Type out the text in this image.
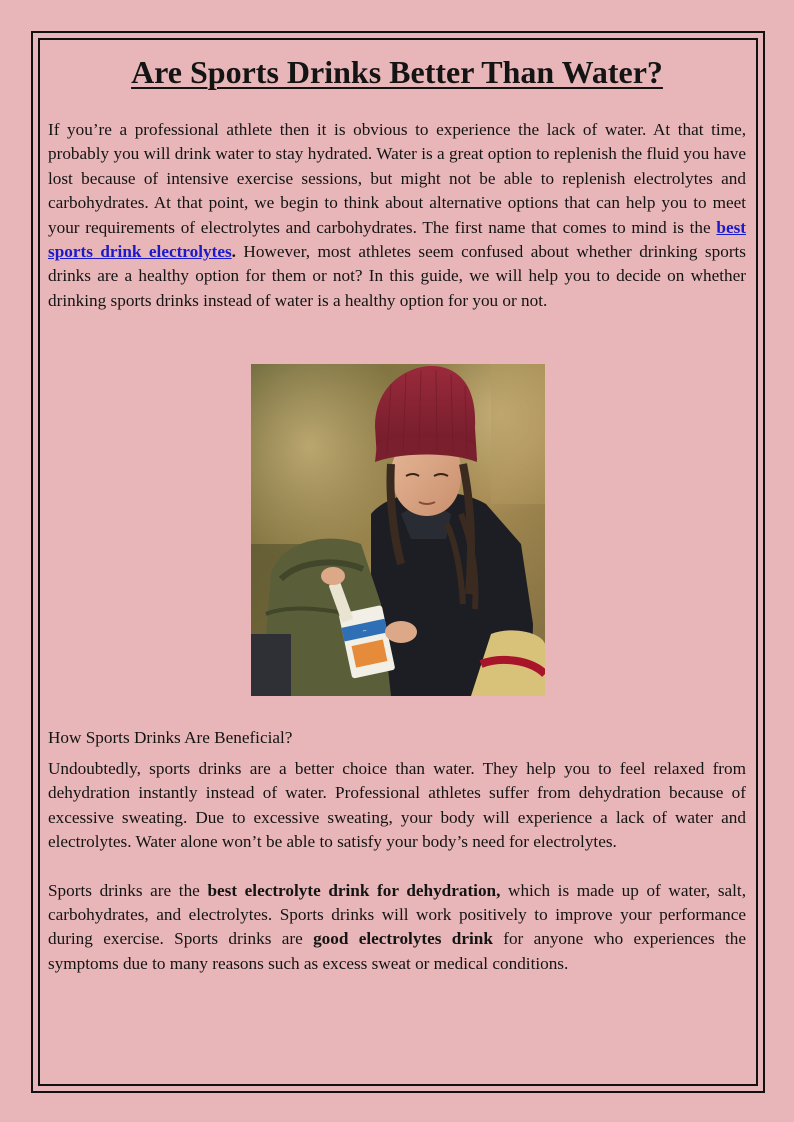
Are Sports Drinks Better Than Water?

If you’re a professional athlete then it is obvious to experience the lack of water. At that time, probably you will drink water to stay hydrated. Water is a great option to replenish the fluid you have lost because of intensive exercise sessions, but might not be able to replenish electrolytes and carbohydrates. At that point, we begin to think about alternative options that can help you to meet your requirements of electrolytes and carbohydrates. The first name that comes to mind is the best sports drink electrolytes. However, most athletes seem confused about whether drinking sports drinks are a healthy option for them or not? In this guide, we will help you to decide on whether drinking sports drinks instead of water is a healthy option for you or not.

~
How Sports Drinks Are Beneficial?

Undoubtedly, sports drinks are a better choice than water. They help you to feel relaxed from dehydration instantly instead of water. Professional athletes suffer from dehydration because of excessive sweating. Due to excessive sweating, your body will experience a lack of water and electrolytes. Water alone won’t be able to satisfy your body’s need for electrolytes.

Sports drinks are the best electrolyte drink for dehydration, which is made up of water, salt, carbohydrates, and electrolytes. Sports drinks will work positively to improve your performance during exercise. Sports drinks are good electrolytes drink for anyone who experiences the symptoms due to many reasons such as excess sweat or medical conditions.
